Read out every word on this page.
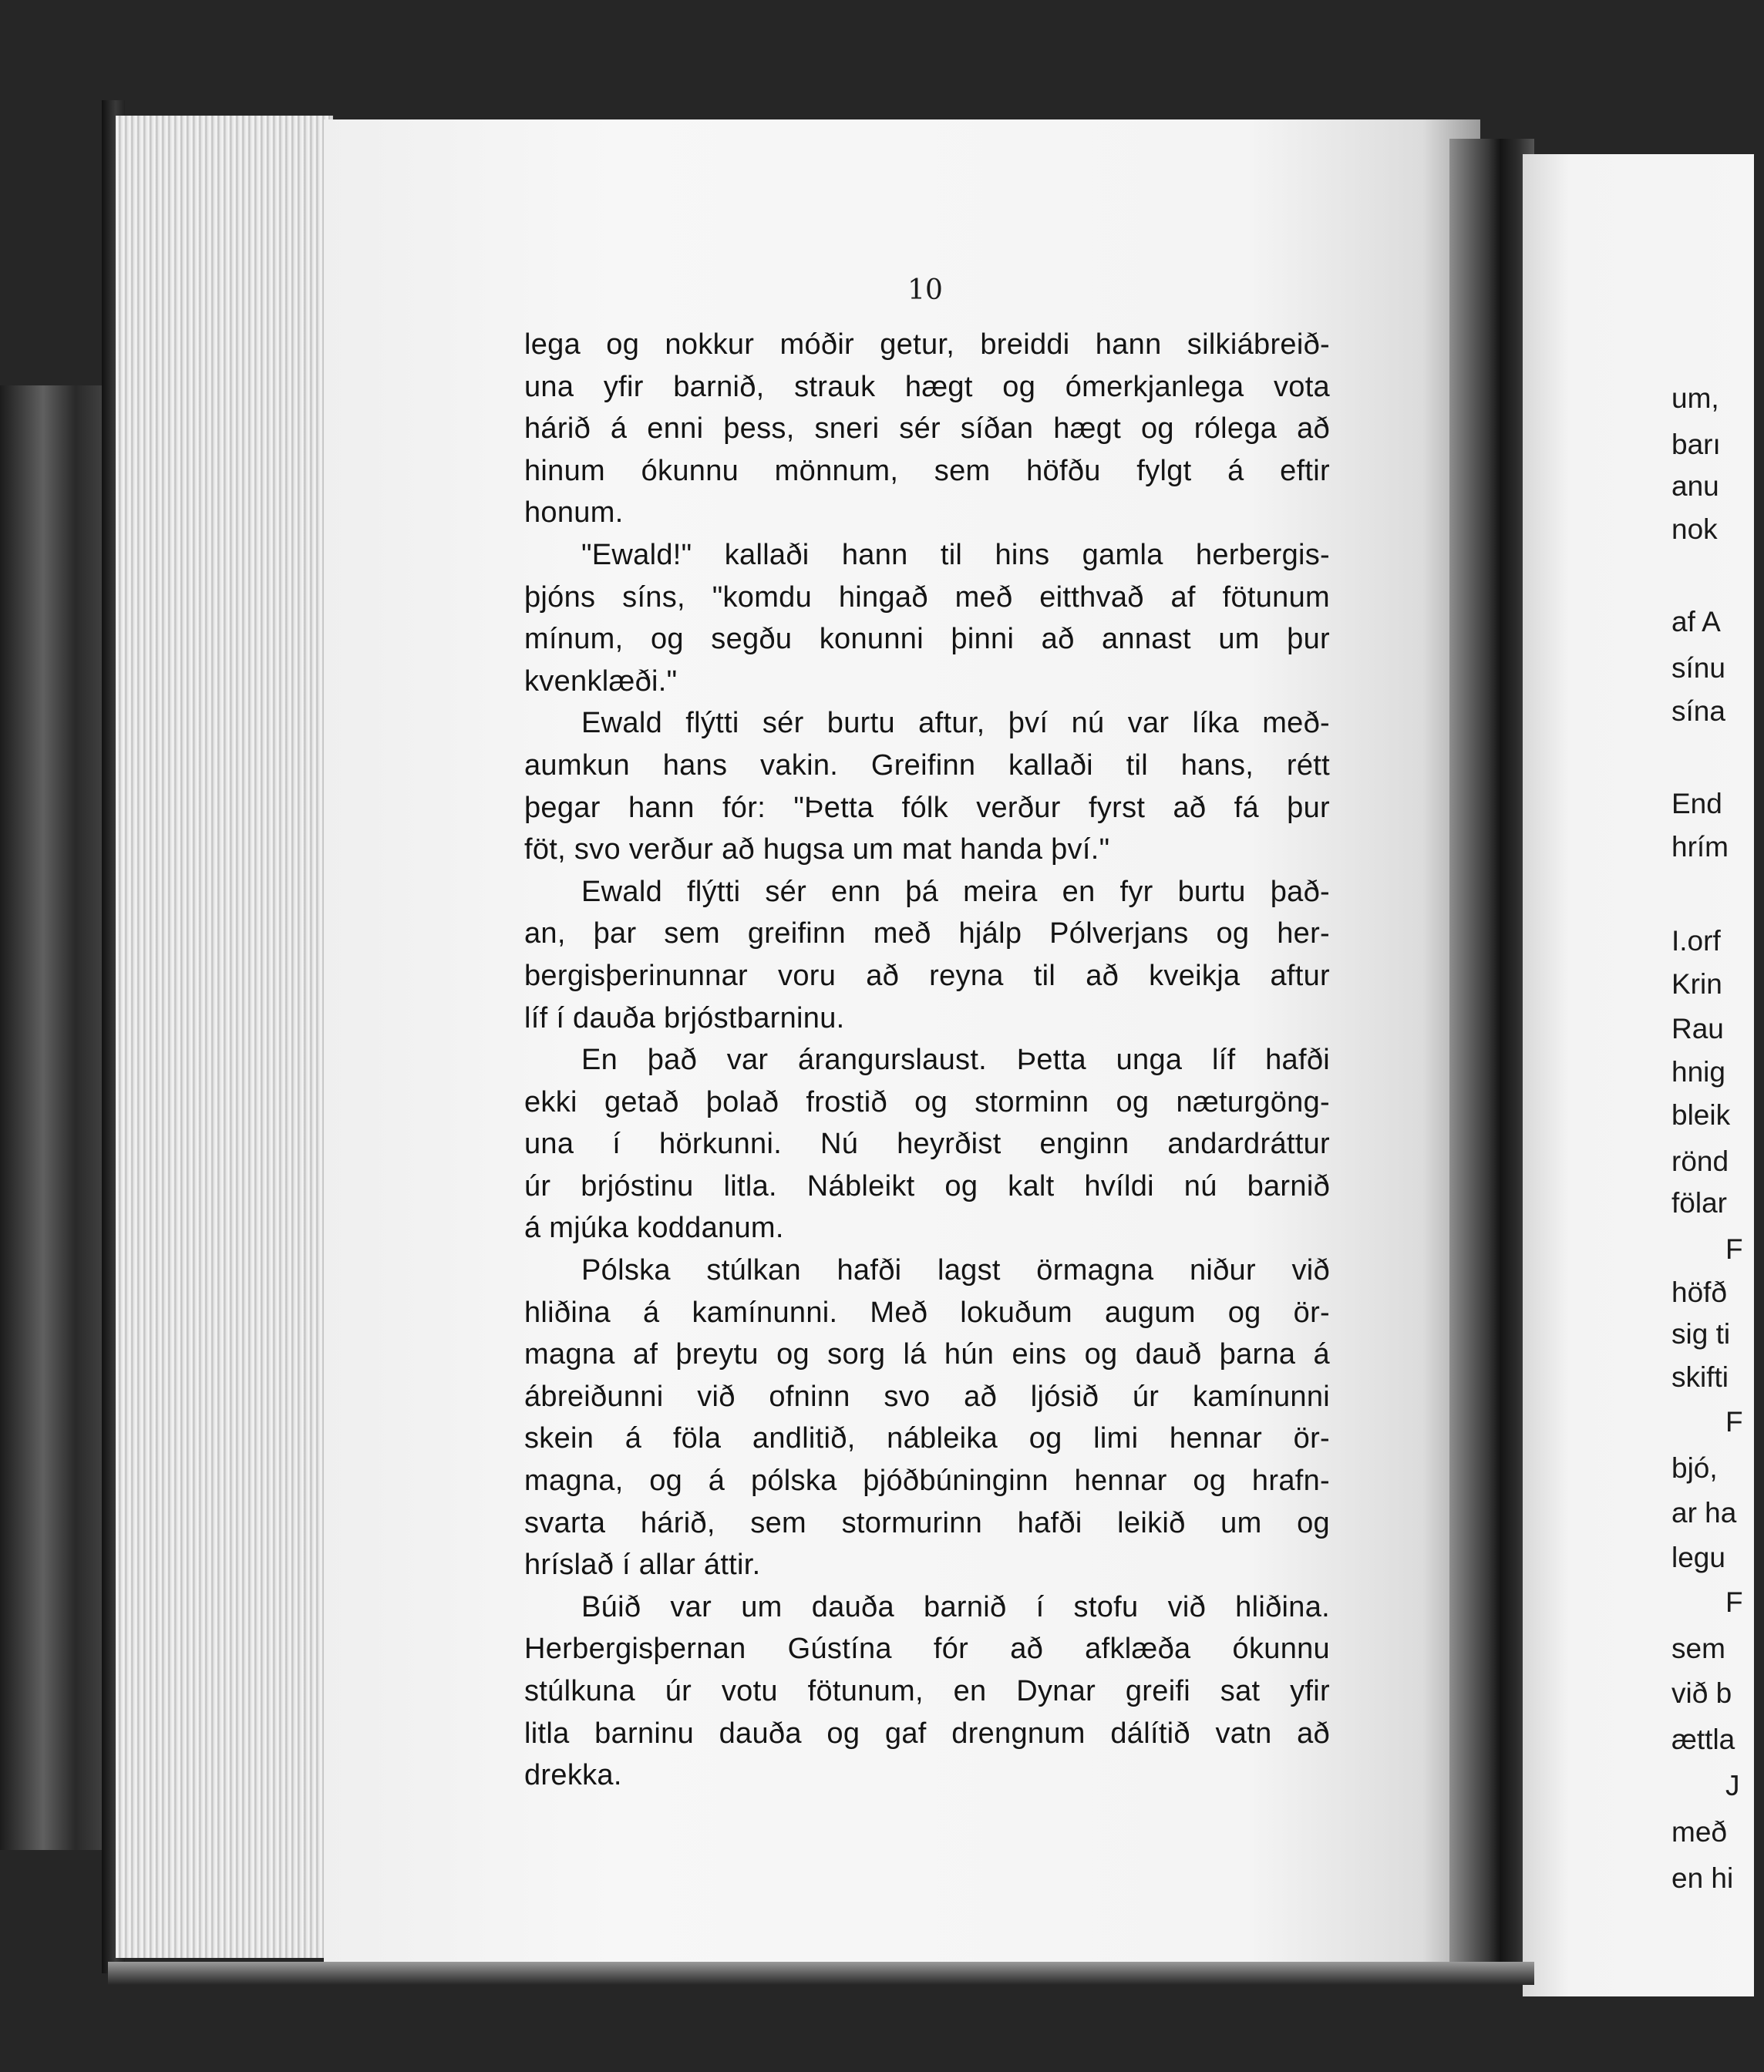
10
lega og nokkur móðir getur, breiddi hann silkiábreið-
una yfir barnið, strauk hægt og ómerkjanlega vota
hárið á enni þess, sneri sér síðan hægt og rólega að
hinum ókunnu mönnum, sem höfðu fylgt á eftir
honum.
"Ewald!" kallaði hann til hins gamla herbergis-
þjóns síns, "komdu hingað með eitthvað af fötunum
mínum, og segðu konunni þinni að annast um þur
kvenklæði."
Ewald flýtti sér burtu aftur, því nú var líka með-
aumkun hans vakin. Greifinn kallaði til hans, rétt
þegar hann fór: "Þetta fólk verður fyrst að fá þur
föt, svo verður að hugsa um mat handa því."
Ewald flýtti sér enn þá meira en fyr burtu það-
an, þar sem greifinn með hjálp Pólverjans og her-
bergisþerinunnar voru að reyna til að kveikja aftur
líf í dauða brjóstbarninu.
En það var árangurslaust. Þetta unga líf hafði
ekki getað þolað frostið og storminn og næturgöng-
una í hörkunni. Nú heyrðist enginn andardráttur
úr brjóstinu litla. Nábleikt og kalt hvíldi nú barnið
á mjúka koddanum.
Pólska stúlkan hafði lagst örmagna niður við
hliðina á kamínunni. Með lokuðum augum og ör-
magna af þreytu og sorg lá hún eins og dauð þarna á
ábreiðunni við ofninn svo að ljósið úr kamínunni
skein á föla andlitið, nábleika og limi hennar ör-
magna, og á pólska þjóðbúninginn hennar og hrafn-
svarta hárið, sem stormurinn hafði leikið um og
hríslað í allar áttir.
Búið var um dauða barnið í stofu við hliðina.
Herbergisþernan Gústína fór að afklæða ókunnu
stúlkuna úr votu fötunum, en Dynar greifi sat yfir
litla barninu dauða og gaf drengnum dálítið vatn að
drekka.
um,
barı
anu
nok
af A
sínu
sína
End
hrím
I.orf
Krin
Rau
hnig
bleik
rönd
fölar
F
höfð
sig ti
skifti
F
bjó,
ar ha
legu
F
sem
við b
ættla
J
með
en hi
